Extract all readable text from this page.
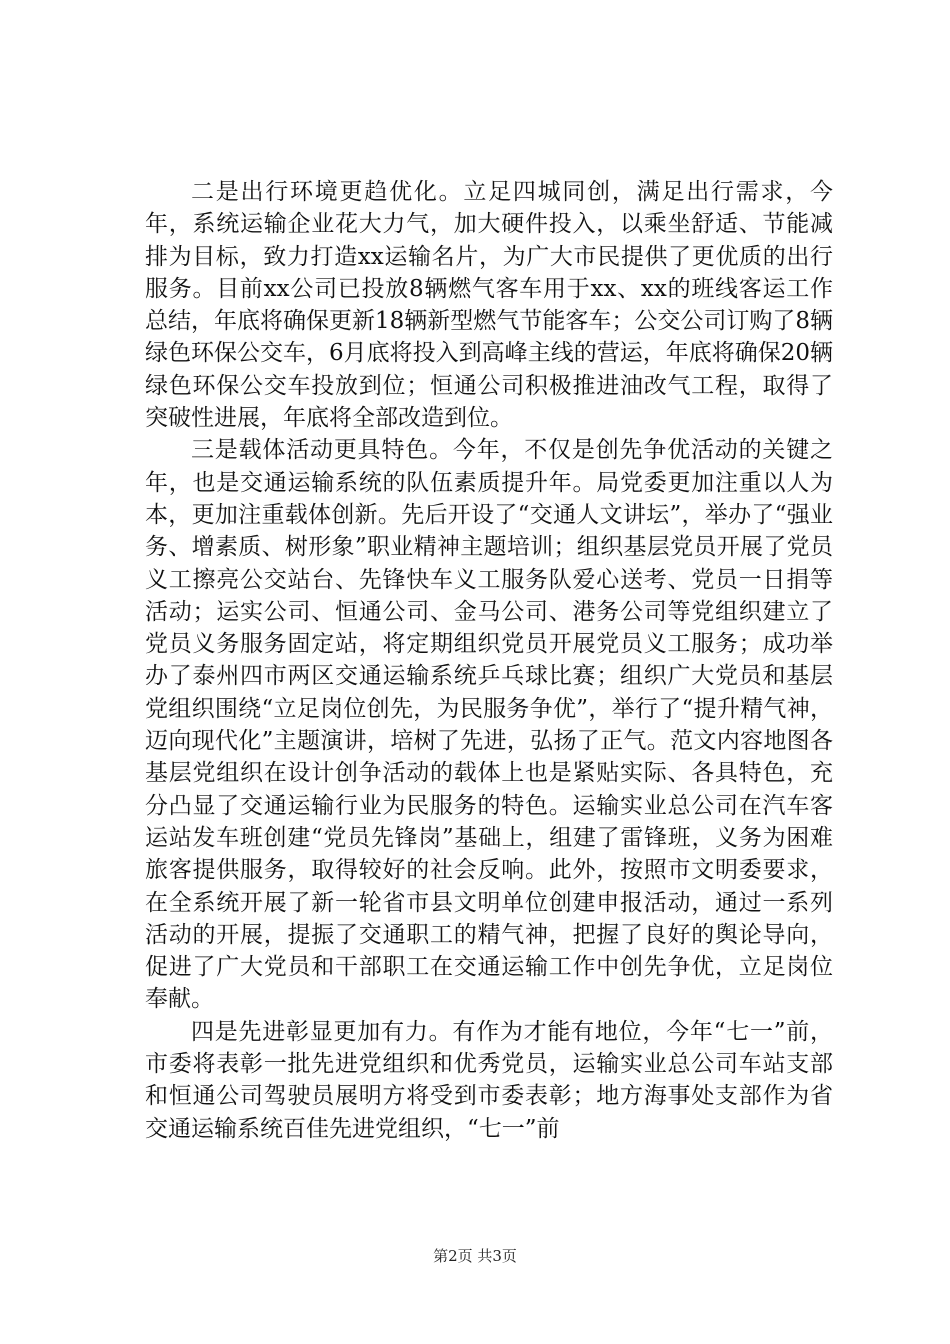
二是出行环境更趋优化。立足四城同创，满足出行需求，今年，系统运输企业花大力气，加大硬件投入，以乘坐舒适、节能减排为目标，致力打造xx运输名片，为广大市民提供了更优质的出行服务。目前xx公司已投放8辆燃气客车用于xx、xx的班线客运工作总结，年底将确保更新18辆新型燃气节能客车；公交公司订购了8辆绿色环保公交车，6月底将投入到高峰主线的营运，年底将确保20辆绿色环保公交车投放到位；恒通公司积极推进油改气工程，取得了突破性进展，年底将全部改造到位。

三是载体活动更具特色。今年，不仅是创先争优活动的关键之年，也是交通运输系统的队伍素质提升年。局党委更加注重以人为本，更加注重载体创新。先后开设了“交通人文讲坛”，举办了“强业务、增素质、树形象”职业精神主题培训；组织基层党员开展了党员义工擦亮公交站台、先锋快车义工服务队爱心送考、党员一日捐等活动；运实公司、恒通公司、金马公司、港务公司等党组织建立了党员义务服务固定站，将定期组织党员开展党员义工服务；成功举办了泰州四市两区交通运输系统乒乓球比赛；组织广大党员和基层党组织围绕“立足岗位创先，为民服务争优”，举行了“提升精气神，迈向现代化”主题演讲，培树了先进，弘扬了正气。范文内容地图各基层党组织在设计创争活动的载体上也是紧贴实际、各具特色，充分凸显了交通运输行业为民服务的特色。运输实业总公司在汽车客运站发车班创建“党员先锋岗”基础上，组建了雷锋班，义务为困难旅客提供服务，取得较好的社会反响。此外，按照市文明委要求，在全系统开展了新一轮省市县文明单位创建申报活动，通过一系列活动的开展，提振了交通职工的精气神，把握了良好的舆论导向，促进了广大党员和干部职工在交通运输工作中创先争优，立足岗位奉献。

四是先进彰显更加有力。有作为才能有地位，今年“七一”前，市委将表彰一批先进党组织和优秀党员，运输实业总公司车站支部和恒通公司驾驶员展明方将受到市委表彰；地方海事处支部作为省交通运输系统百佳先进党组织，“七一”前

第2页 共3页
